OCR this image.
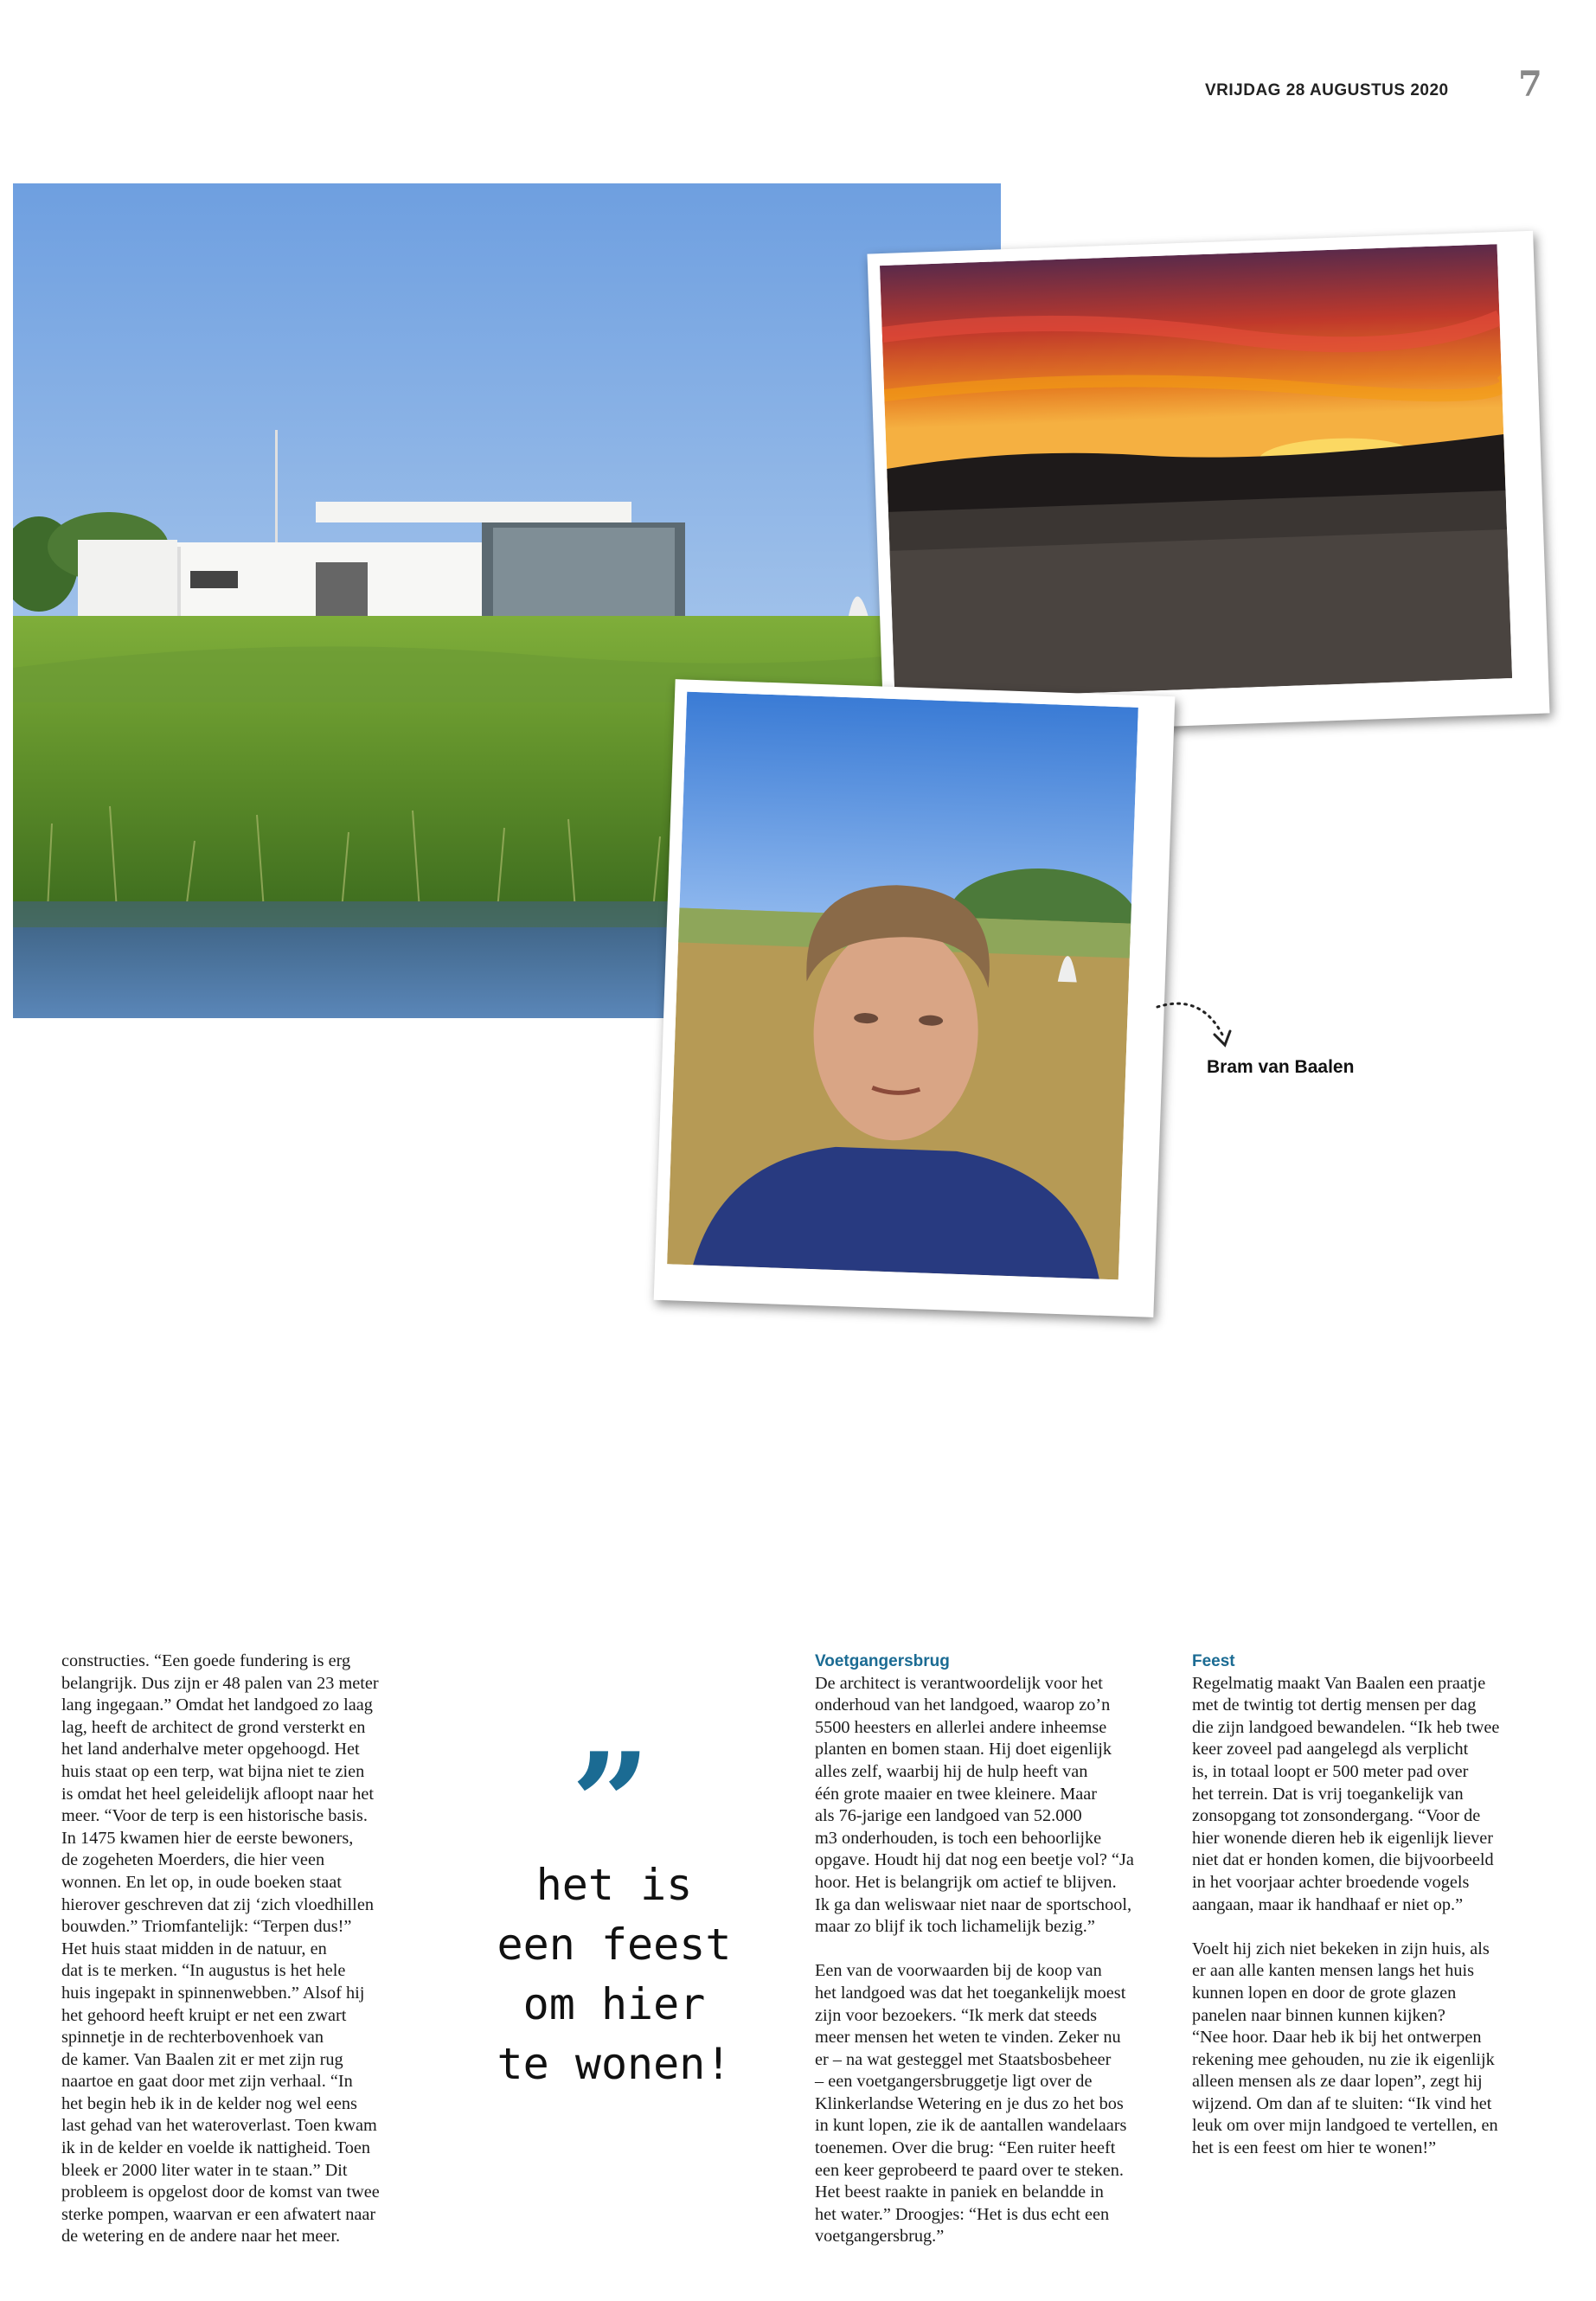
VRIJDAG 28 AUGUSTUS 2020	7
Bram van Baalen

constructies. “Een goede fundering is erg
belangrijk. Dus zijn er 48 palen van 23 meter
lang ingegaan.” Omdat het landgoed zo laag
lag, heeft de architect de grond versterkt en
het land anderhalve meter opgehoogd. Het
huis staat op een terp, wat bijna niet te zien
is omdat het heel geleidelijk afloopt naar het
meer. “Voor de terp is een historische basis.
In 1475 kwamen hier de eerste bewoners,
de zogeheten Moerders, die hier veen
wonnen. En let op, in oude boeken staat
hierover geschreven dat zij ‘zich vloedhillen
bouwden.” Triomfantelijk: “Terpen dus!”
Het huis staat midden in de natuur, en
dat is te merken. “In augustus is het hele
huis ingepakt in spinnenwebben.” Alsof hij
het gehoord heeft kruipt er net een zwart
spinnetje in de rechterbovenhoek van
de kamer. Van Baalen zit er met zijn rug
naartoe en gaat door met zijn verhaal. “In
het begin heb ik in de kelder nog wel eens
last gehad van het wateroverlast. Toen kwam
ik in de kelder en voelde ik nattigheid. Toen
bleek er 2000 liter water in te staan.” Dit
probleem is opgelost door de komst van twee
sterke pompen, waarvan er een afwatert naar
de wetering en de andere naar het meer.

”
het is
een feest
om hier
te wonen!
Voetgangersbrug

De architect is verantwoordelijk voor het
onderhoud van het landgoed, waarop zo’n
5500 heesters en allerlei andere inheemse
planten en bomen staan. Hij doet eigenlijk
alles zelf, waarbij hij de hulp heeft van
één grote maaier en twee kleinere. Maar
als 76-jarige een landgoed van 52.000
m3 onderhouden, is toch een behoorlijke
opgave. Houdt hij dat nog een beetje vol? “Ja
hoor. Het is belangrijk om actief te blijven.
Ik ga dan weliswaar niet naar de sportschool,
maar zo blijf ik toch lichamelijk bezig.”

Een van de voorwaarden bij de koop van
het landgoed was dat het toegankelijk moest
zijn voor bezoekers. “Ik merk dat steeds
meer mensen het weten te vinden. Zeker nu
er – na wat gesteggel met Staatsbosbeheer
– een voetgangersbruggetje ligt over de
Klinkerlandse Wetering en je dus zo het bos
in kunt lopen, zie ik de aantallen wandelaars
toenemen. Over die brug: “Een ruiter heeft
een keer geprobeerd te paard over te steken.
Het beest raakte in paniek en belandde in
het water.” Droogjes: “Het is dus echt een
voetgangersbrug.”

Feest

Regelmatig maakt Van Baalen een praatje
met de twintig tot dertig mensen per dag
die zijn landgoed bewandelen. “Ik heb twee
keer zoveel pad aangelegd als verplicht
is, in totaal loopt er 500 meter pad over
het terrein. Dat is vrij toegankelijk van
zonsopgang tot zonsondergang. “Voor de
hier wonende dieren heb ik eigenlijk liever
niet dat er honden komen, die bijvoorbeeld
in het voorjaar achter broedende vogels
aangaan, maar ik handhaaf er niet op.”

Voelt hij zich niet bekeken in zijn huis, als
er aan alle kanten mensen langs het huis
kunnen lopen en door de grote glazen
panelen naar binnen kunnen kijken?
“Nee hoor. Daar heb ik bij het ontwerpen
rekening mee gehouden, nu zie ik eigenlijk
alleen mensen als ze daar lopen”, zegt hij
wijzend. Om dan af te sluiten: “Ik vind het
leuk om over mijn landgoed te vertellen, en
het is een feest om hier te wonen!”
